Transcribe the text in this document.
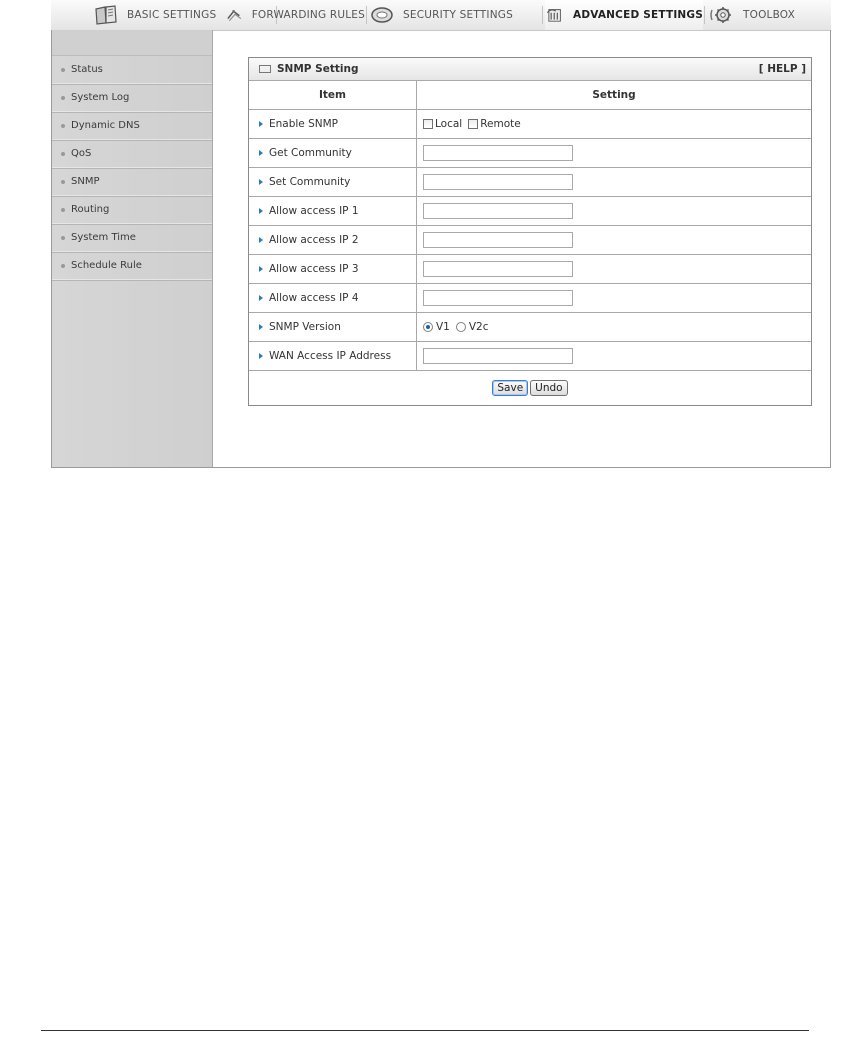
BASIC SETTINGS	FORWARDING RULES	SECURITY SETTINGS	ADVANCED SETTINGS	TOOLBOX
Status
System Log
Dynamic DNS
QoS
SNMP
Routing
System Time
Schedule Rule
SNMP Setting	[ HELP ]
Item	Setting
Enable SNMP	Local Remote
Get Community
Set Community
Allow access IP 1
Allow access IP 2
Allow access IP 3
Allow access IP 4
SNMP Version	V1 V2c
WAN Access IP Address
Save	Undo
